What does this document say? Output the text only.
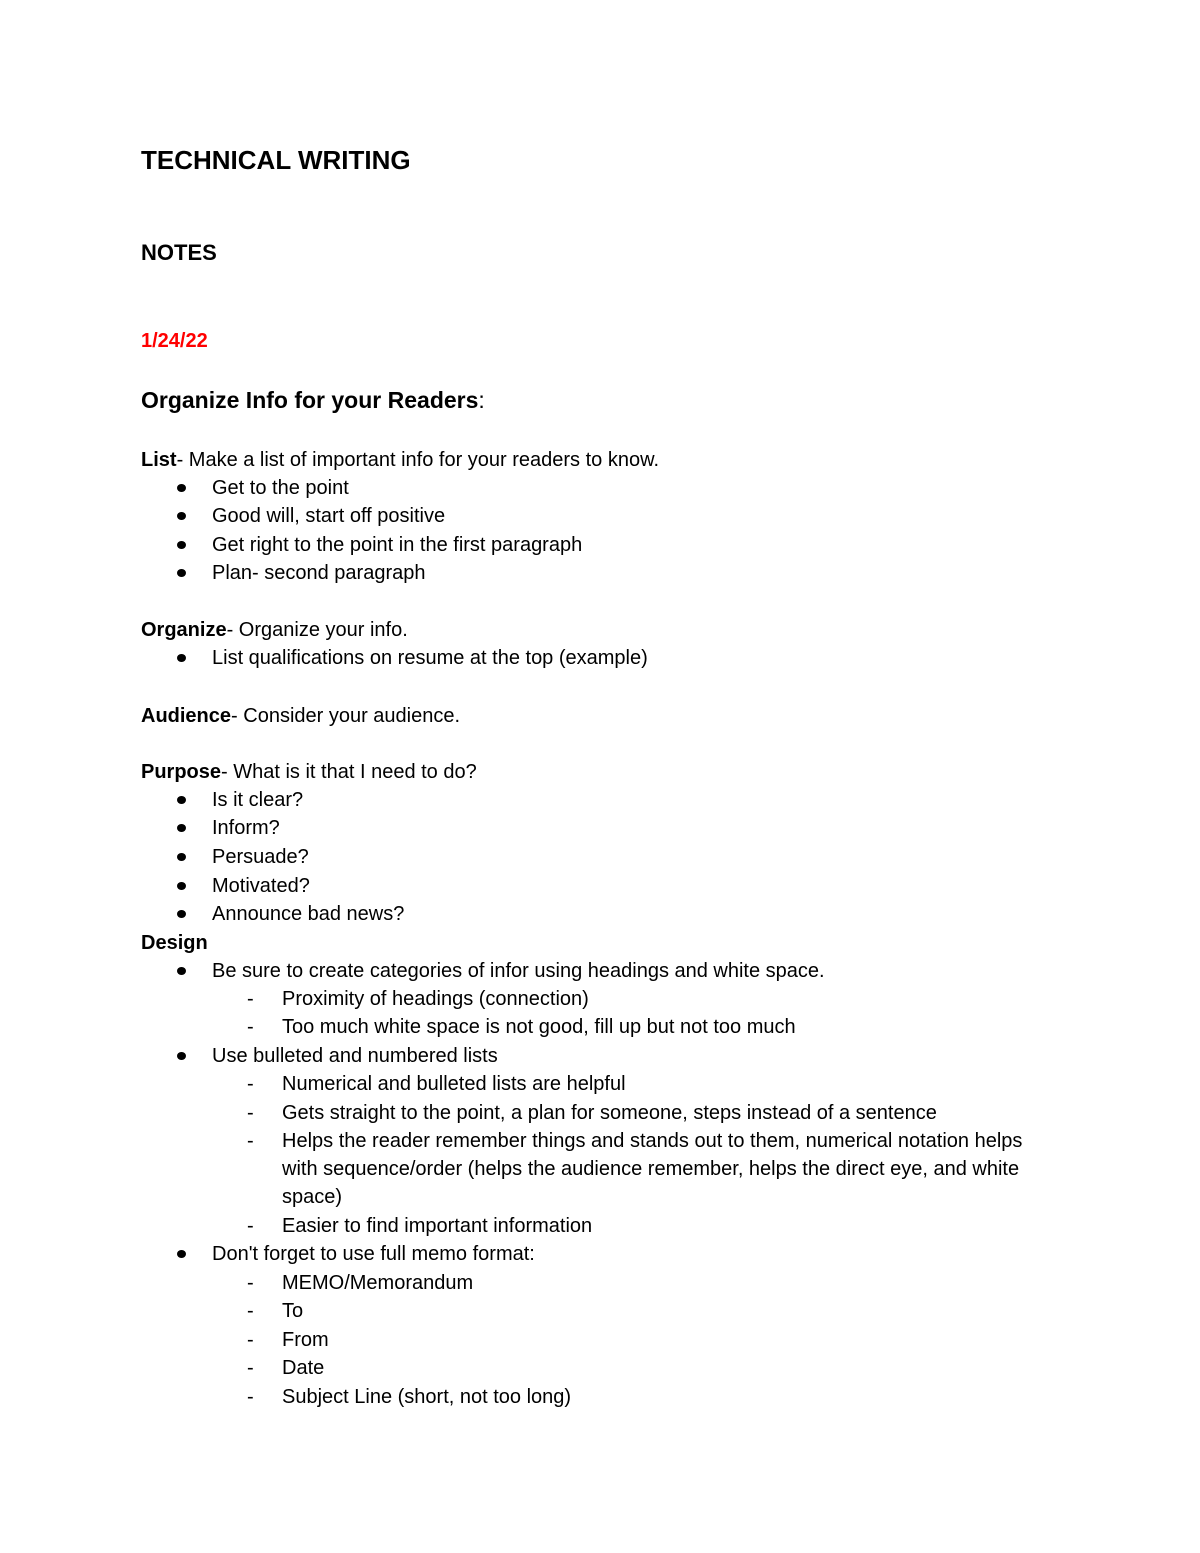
TECHNICAL WRITING
NOTES
1/24/22
Organize Info for your Readers:
List- Make a list of important info for your readers to know.
Get to the point
Good will, start off positive
Get right to the point in the first paragraph
Plan- second paragraph
Organize- Organize your info.
List qualifications on resume at the top (example)
Audience- Consider your audience.
Purpose- What is it that I need to do?
Is it clear?
Inform?
Persuade?
Motivated?
Announce bad news?
Design
Be sure to create categories of infor using headings and white space.
- Proximity of headings (connection)
- Too much white space is not good, fill up but not too much
Use bulleted and numbered lists
- Numerical and bulleted lists are helpful
- Gets straight to the point, a plan for someone, steps instead of a sentence
- Helps the reader remember things and stands out to them, numerical notation helps with sequence/order (helps the audience remember, helps the direct eye, and white space)
- Easier to find important information
Don't forget to use full memo format:
- MEMO/Memorandum
- To
- From
- Date
- Subject Line (short, not too long)
